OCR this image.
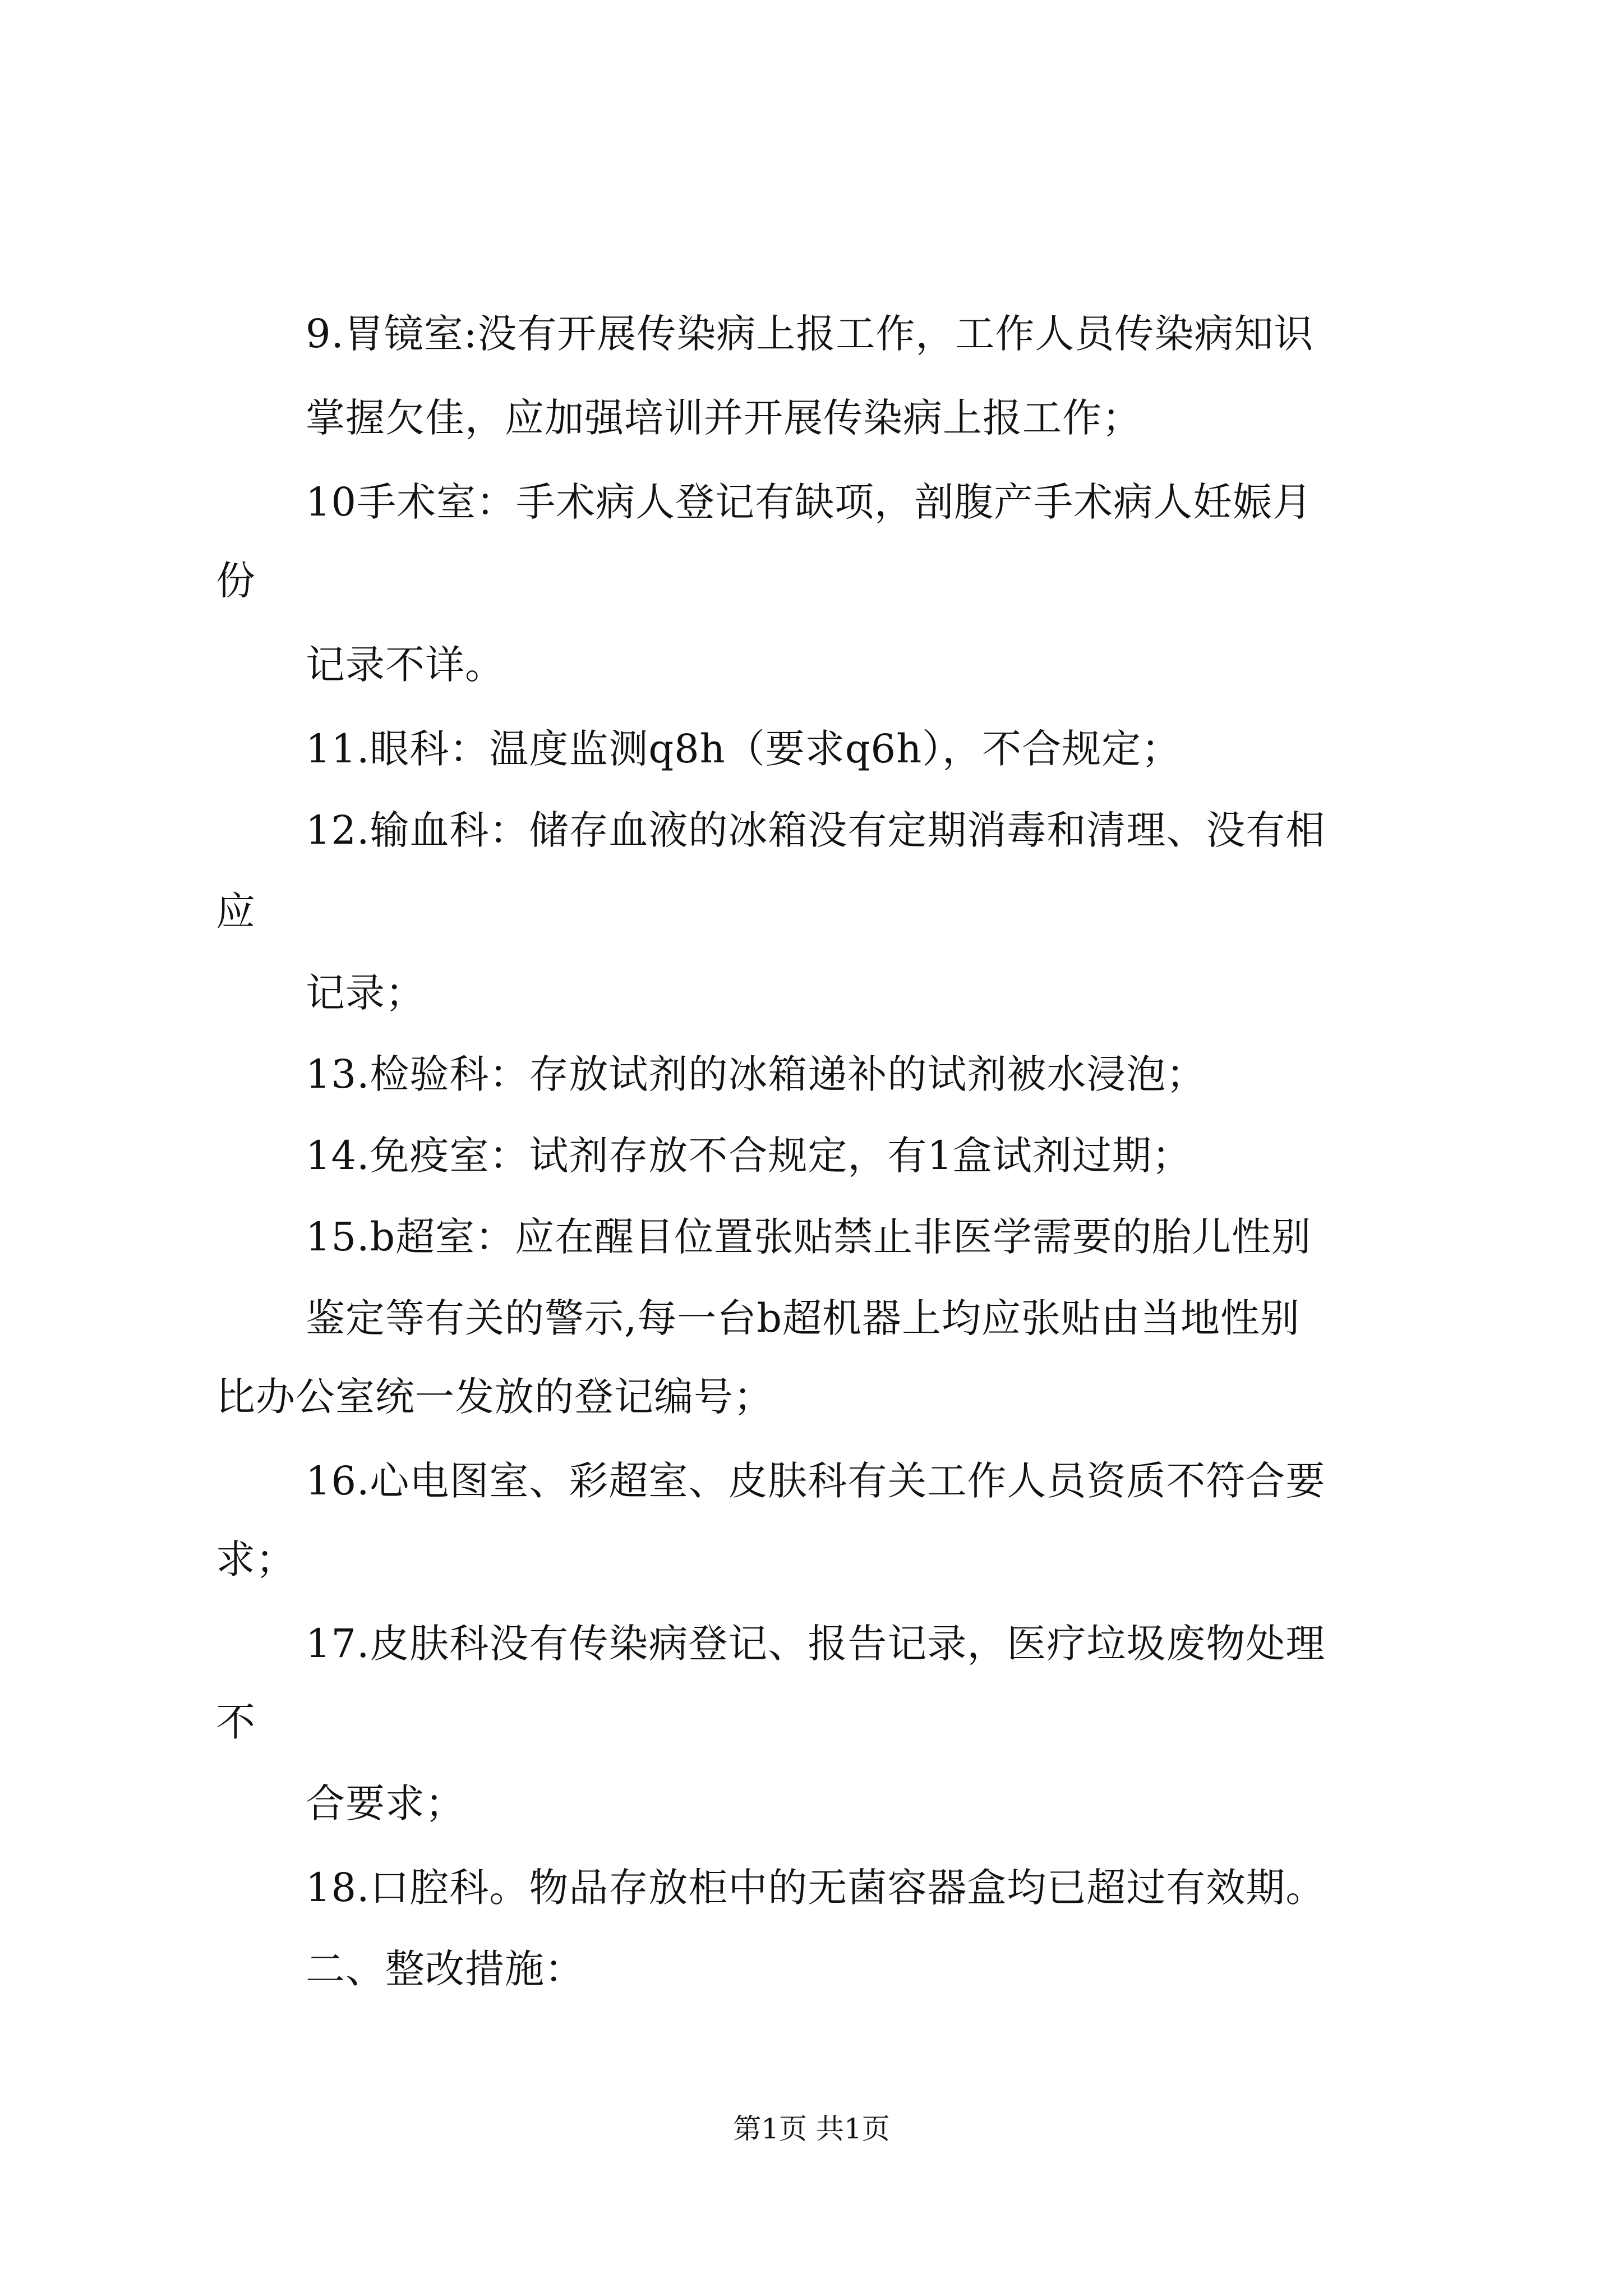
9.胃镜室:没有开展传染病上报工作，工作人员传染病知识

掌握欠佳，应加强培训并开展传染病上报工作；

10手术室：手术病人登记有缺项，剖腹产手术病人妊娠月

份

记录不详。

11.眼科：温度监测q8h（要求q6h），不合规定；

12.输血科：储存血液的冰箱没有定期消毒和清理、没有相

应

记录；

13.检验科：存放试剂的冰箱递补的试剂被水浸泡；

14.免疫室：试剂存放不合规定，有1盒试剂过期；

15.b超室：应在醒目位置张贴禁止非医学需要的胎儿性别

鉴定等有关的警示,每一台b超机器上均应张贴由当地性别

比办公室统一发放的登记编号；

16.心电图室、彩超室、皮肤科有关工作人员资质不符合要

求；

17.皮肤科没有传染病登记、报告记录，医疗垃圾废物处理

不

合要求；

18.口腔科。物品存放柜中的无菌容器盒均已超过有效期。

二、整改措施：

第1页 共1页
